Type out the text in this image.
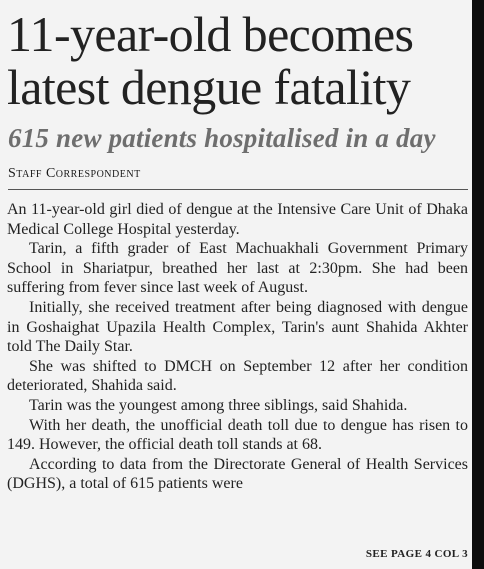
11-year-old becomes
latest dengue fatality
615 new patients hospitalised in a day
Staff Correspondent

An 11-year-old girl died of dengue at the Intensive Care Unit of Dhaka Medical College Hospital yesterday.

Tarin, a fifth grader of East Machuakhali Government Primary School in Shariatpur, breathed her last at 2:30pm. She had been suffering from fever since last week of August.

Initially, she received treatment after being diagnosed with dengue in Goshaighat Upazila Health Complex, Tarin's aunt Shahida Akhter told The Daily Star.

She was shifted to DMCH on September 12 after her condition deteriorated, Shahida said.

Tarin was the youngest among three siblings, said Shahida.

With her death, the unofficial death toll due to dengue has risen to 149. However, the official death toll stands at 68.

According to data from the Directorate General of Health Services (DGHS), a total of 615 patients were

SEE PAGE 4 COL 3
